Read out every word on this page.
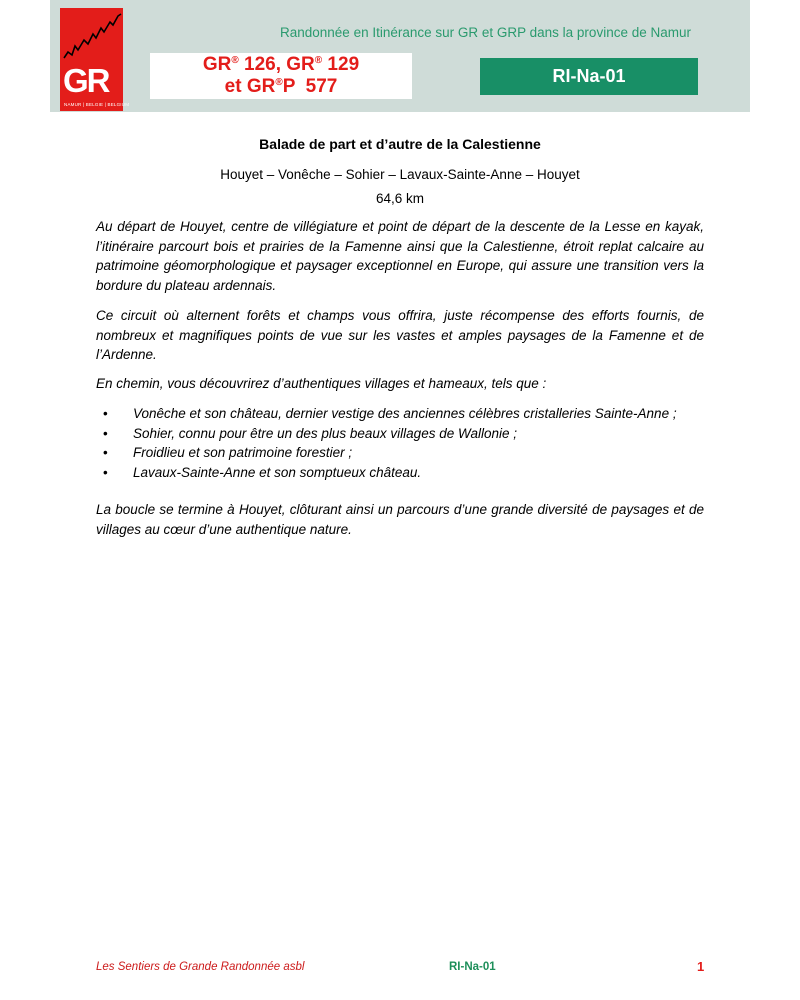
GR
NAMUR | BELGIE | BELGIUM
Randonnée en Itinérance sur GR et GRP dans la province de Namur
GR® 126, GR® 129
et GR®P  577	RI-Na-01
Balade de part et d’autre de la Calestienne
Houyet – Vonêche – Sohier – Lavaux-Sainte-Anne – Houyet
64,6 km

Au départ de Houyet, centre de villégiature et point de départ de la descente de la Lesse en kayak, l’itinéraire parcourt bois et prairies de la Famenne ainsi que la Calestienne, étroit replat calcaire au patrimoine géomorphologique et paysager exceptionnel en Europe, qui assure une transition vers la bordure du plateau ardennais.

Ce circuit où alternent forêts et champs vous offrira, juste récompense des efforts fournis, de nombreux et magnifiques points de vue sur les vastes et amples paysages de la Famenne et de l’Ardenne.

En chemin, vous découvrirez d’authentiques villages et hameaux, tels que :

• Vonêche et son château, dernier vestige des anciennes célèbres cristalleries Sainte-Anne ;
• Sohier, connu pour être un des plus beaux villages de Wallonie ;
• Froidlieu et son patrimoine forestier ;
• Lavaux-Sainte-Anne et son somptueux château.

La boucle se termine à Houyet, clôturant ainsi un parcours d’une grande diversité de paysages et de villages au cœur d’une authentique nature.

Les Sentiers de Grande Randonnée asbl	RI-Na-01	1
